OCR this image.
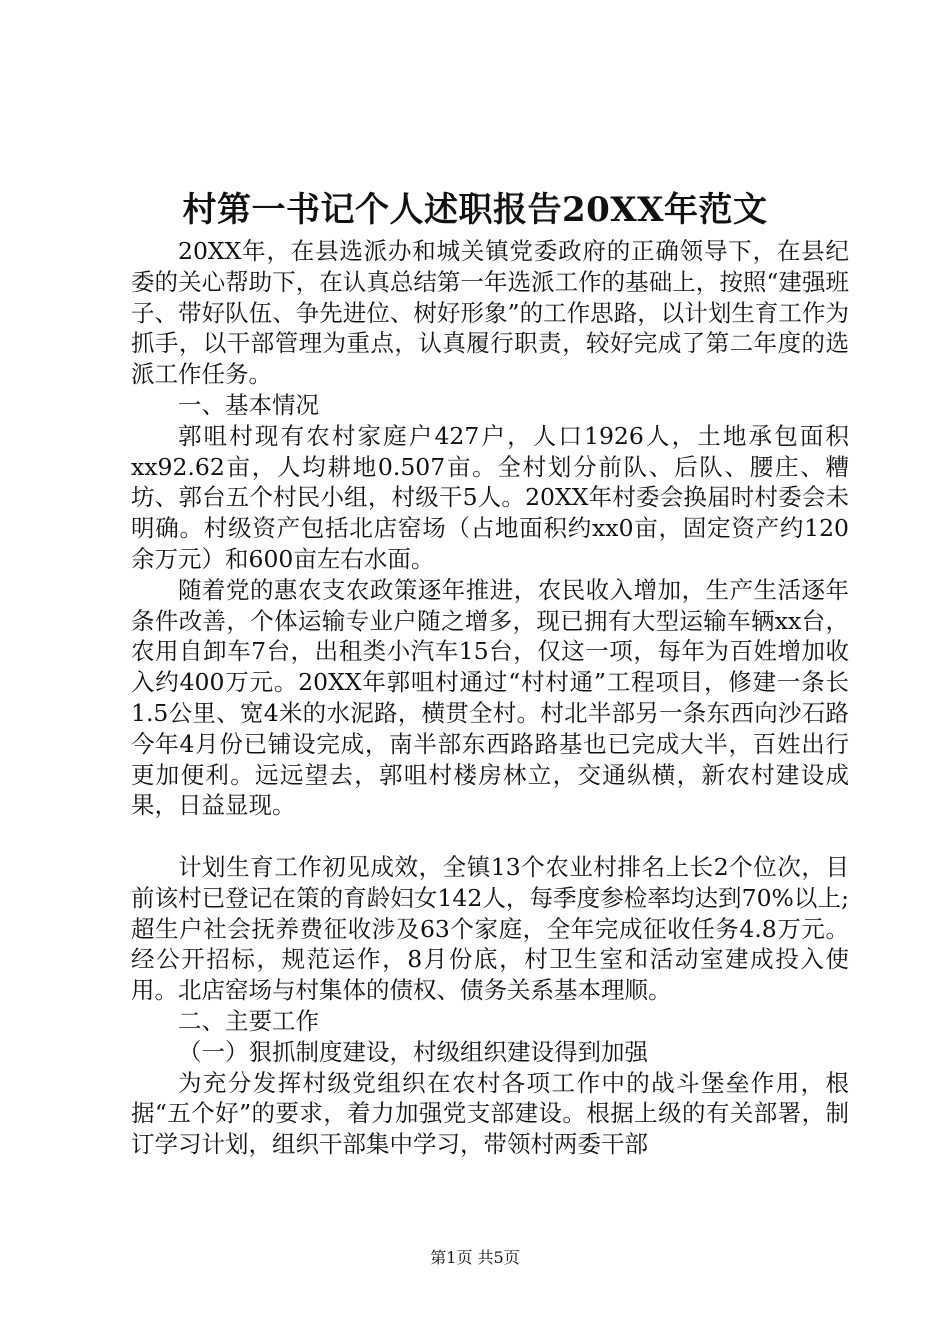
村第一书记个人述职报告20XX年范文

20XX年，在县选派办和城关镇党委政府的正确领导下，在县纪委的关心帮助下，在认真总结第一年选派工作的基础上，按照“建强班子、带好队伍、争先进位、树好形象”的工作思路，以计划生育工作为抓手，以干部管理为重点，认真履行职责，较好完成了第二年度的选派工作任务。

一、基本情况

郭咀村现有农村家庭户427户，人口1926人，土地承包面积xx92.62亩，人均耕地0.507亩。全村划分前队、后队、腰庄、糟坊、郭台五个村民小组，村级干5人。20XX年村委会换届时村委会未明确。村级资产包括北店窑场（占地面积约xx0亩，固定资产约120余万元）和600亩左右水面。

随着党的惠农支农政策逐年推进，农民收入增加，生产生活逐年条件改善，个体运输专业户随之增多，现已拥有大型运输车辆xx台，农用自卸车7台，出租类小汽车15台，仅这一项，每年为百姓增加收入约400万元。20XX年郭咀村通过“村村通”工程项目，修建一条长1.5公里、宽4米的水泥路，横贯全村。村北半部另一条东西向沙石路今年4月份已铺设完成，南半部东西路路基也已完成大半，百姓出行更加便利。远远望去，郭咀村楼房林立，交通纵横，新农村建设成果，日益显现。

计划生育工作初见成效，全镇13个农业村排名上长2个位次，目前该村已登记在策的育龄妇女142人，每季度参检率均达到70%以上;超生户社会抚养费征收涉及63个家庭，全年完成征收任务4.8万元。经公开招标，规范运作，8月份底，村卫生室和活动室建成投入使用。北店窑场与村集体的债权、债务关系基本理顺。

二、主要工作

（一）狠抓制度建设，村级组织建设得到加强

为充分发挥村级党组织在农村各项工作中的战斗堡垒作用，根据“五个好”的要求，着力加强党支部建设。根据上级的有关部署，制订学习计划，组织干部集中学习，带领村两委干部

第1页 共5页
